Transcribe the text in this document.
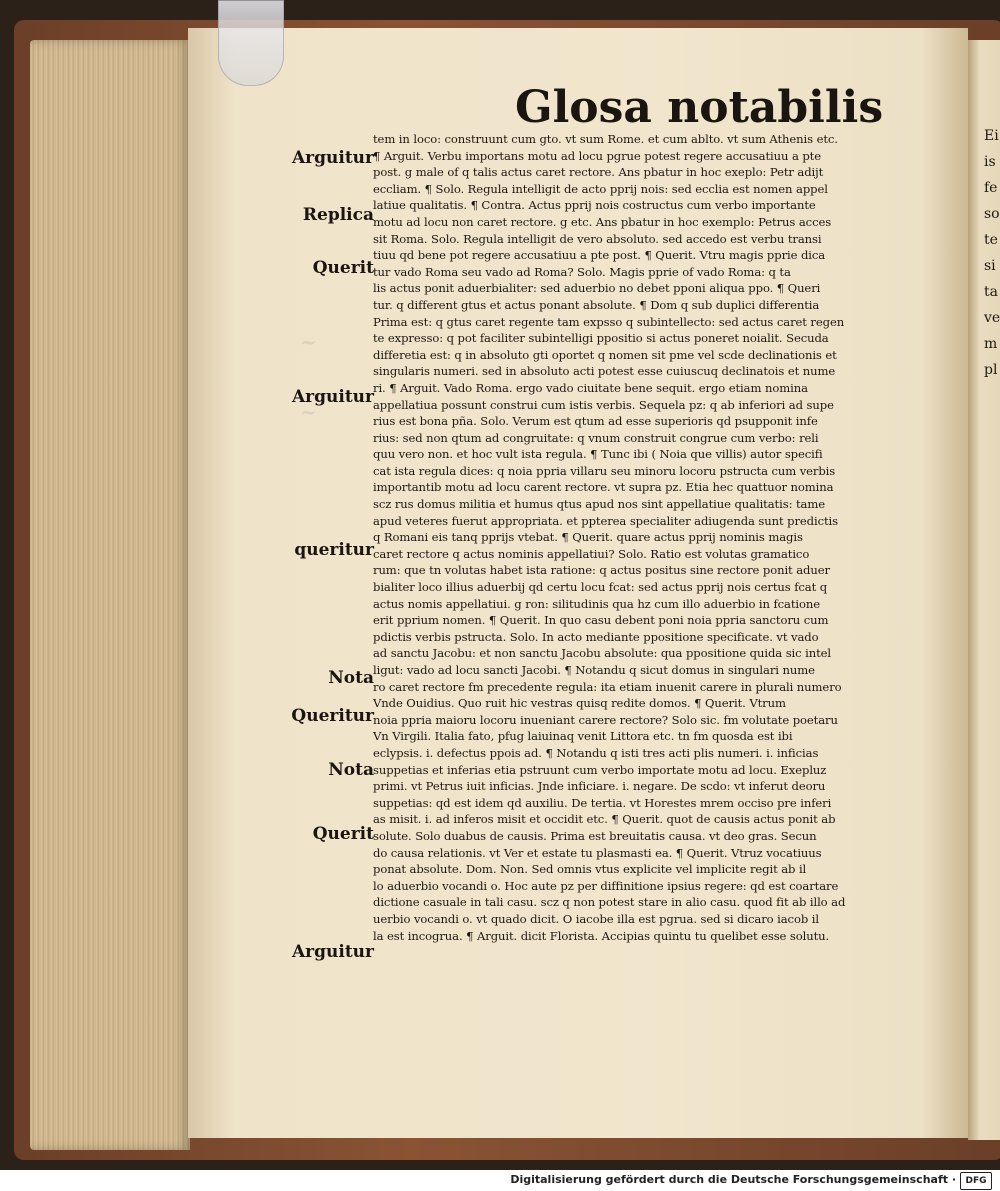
Ei
is
fe
so
te
si
ta
ve
m
pl
~
~
Glosa notabilis
Arguitur
Replica
Querit
Arguitur
queritur
Nota
Queritur
Nota
Querit
Arguitur
tem in loco: construunt cum gto. vt sum Rome. et cum ablto. vt sum Athenis etc.
¶ Arguit. Verbu importans motu ad locu pgrue potest regere accusatiuu a pte
post. g male of q talis actus caret rectore. Ans pbatur in hoc exeplo: Petr adijt
eccliam. ¶ Solo. Regula intelligit de acto pprij nois: sed ecclia est nomen appel
latiue qualitatis. ¶ Contra. Actus pprij nois costructus cum verbo importante
motu ad locu non caret rectore. g etc. Ans pbatur in hoc exemplo: Petrus acces
sit Roma. Solo. Regula intelligit de vero absoluto. sed accedo est verbu transi
tiuu qd bene pot regere accusatiuu a pte post. ¶ Querit. Vtru magis pprie dica
tur vado Roma seu vado ad Roma? Solo. Magis pprie of vado Roma: q ta
lis actus ponit aduerbialiter: sed aduerbio no debet pponi aliqua ppo. ¶ Queri
tur. q different gtus et actus ponant absolute. ¶ Dom q sub duplici differentia
Prima est: q gtus caret regente tam expsso q subintellecto: sed actus caret regen
te expresso: q pot faciliter subintelligi ppositio si actus poneret noialit. Secuda
differetia est: q in absoluto gti oportet q nomen sit pme vel scde declinationis et
singularis numeri. sed in absoluto acti potest esse cuiuscuq declinatois et nume
ri. ¶ Arguit. Vado Roma. ergo vado ciuitate bene sequit. ergo etiam nomina
appellatiua possunt construi cum istis verbis. Sequela pz: q ab inferiori ad supe
rius est bona pña. Solo. Verum est qtum ad esse superioris qd psupponit infe
rius: sed non qtum ad congruitate: q vnum construit congrue cum verbo: reli
quu vero non. et hoc vult ista regula. ¶ Tunc ibi ( Noia que villis) autor specifi
cat ista regula dices: q noia ppria villaru seu minoru locoru pstructa cum verbis
importantib motu ad locu carent rectore. vt supra pz. Etia hec quattuor nomina
scz rus domus militia et humus qtus apud nos sint appellatiue qualitatis: tame
apud veteres fuerut appropriata. et ppterea specialiter adiugenda sunt predictis
q Romani eis tanq pprijs vtebat. ¶ Querit. quare actus pprij nominis magis
caret rectore q actus nominis appellatiui? Solo. Ratio est volutas gramatico
rum: que tn volutas habet ista ratione: q actus positus sine rectore ponit aduer
bialiter loco illius aduerbij qd certu locu fcat: sed actus pprij nois certus fcat q
actus nomis appellatiui. g ron: silitudinis qua hz cum illo aduerbio in fcatione
erit pprium nomen. ¶ Querit. In quo casu debent poni noia ppria sanctoru cum
pdictis verbis pstructa. Solo. In acto mediante ppositione specificate. vt vado
ad sanctu Jacobu: et non sanctu Jacobu absolute: qua ppositione quida sic intel
ligut: vado ad locu sancti Jacobi. ¶ Notandu q sicut domus in singulari nume
ro caret rectore fm precedente regula: ita etiam inuenit carere in plurali numero
Vnde Ouidius. Quo ruit hic vestras quisq redite domos. ¶ Querit. Vtrum
noia ppria maioru locoru inueniant carere rectore? Solo sic. fm volutate poetaru
Vn Virgili. Italia fato, pfug laiuinaq venit Littora etc. tn fm quosda est ibi
eclypsis. i. defectus ppois ad. ¶ Notandu q isti tres acti plis numeri. i. inficias
suppetias et inferias etia pstruunt cum verbo importate motu ad locu. Exepluz
primi. vt Petrus iuit inficias. Jnde inficiare. i. negare. De scdo: vt inferut deoru
suppetias: qd est idem qd auxiliu. De tertia. vt Horestes mrem occiso pre inferi
as misit. i. ad inferos misit et occidit etc. ¶ Querit. quot de causis actus ponit ab
solute. Solo duabus de causis. Prima est breuitatis causa. vt deo gras. Secun
do causa relationis. vt Ver et estate tu plasmasti ea. ¶ Querit. Vtruz vocatiuus
ponat absolute. Dom. Non. Sed omnis vtus explicite vel implicite regit ab il
lo aduerbio vocandi o. Hoc aute pz per diffinitione ipsius regere: qd est coartare
dictione casuale in tali casu. scz q non potest stare in alio casu. quod fit ab illo ad
uerbio vocandi o. vt quado dicit. O iacobe illa est pgrua. sed si dicaro iacob il
la est incogrua. ¶ Arguit. dicit Florista. Accipias quintu tu quelibet esse solutu.
Digitalisierung gefördert durch die Deutsche Forschungsgemeinschaft ·	DFG
